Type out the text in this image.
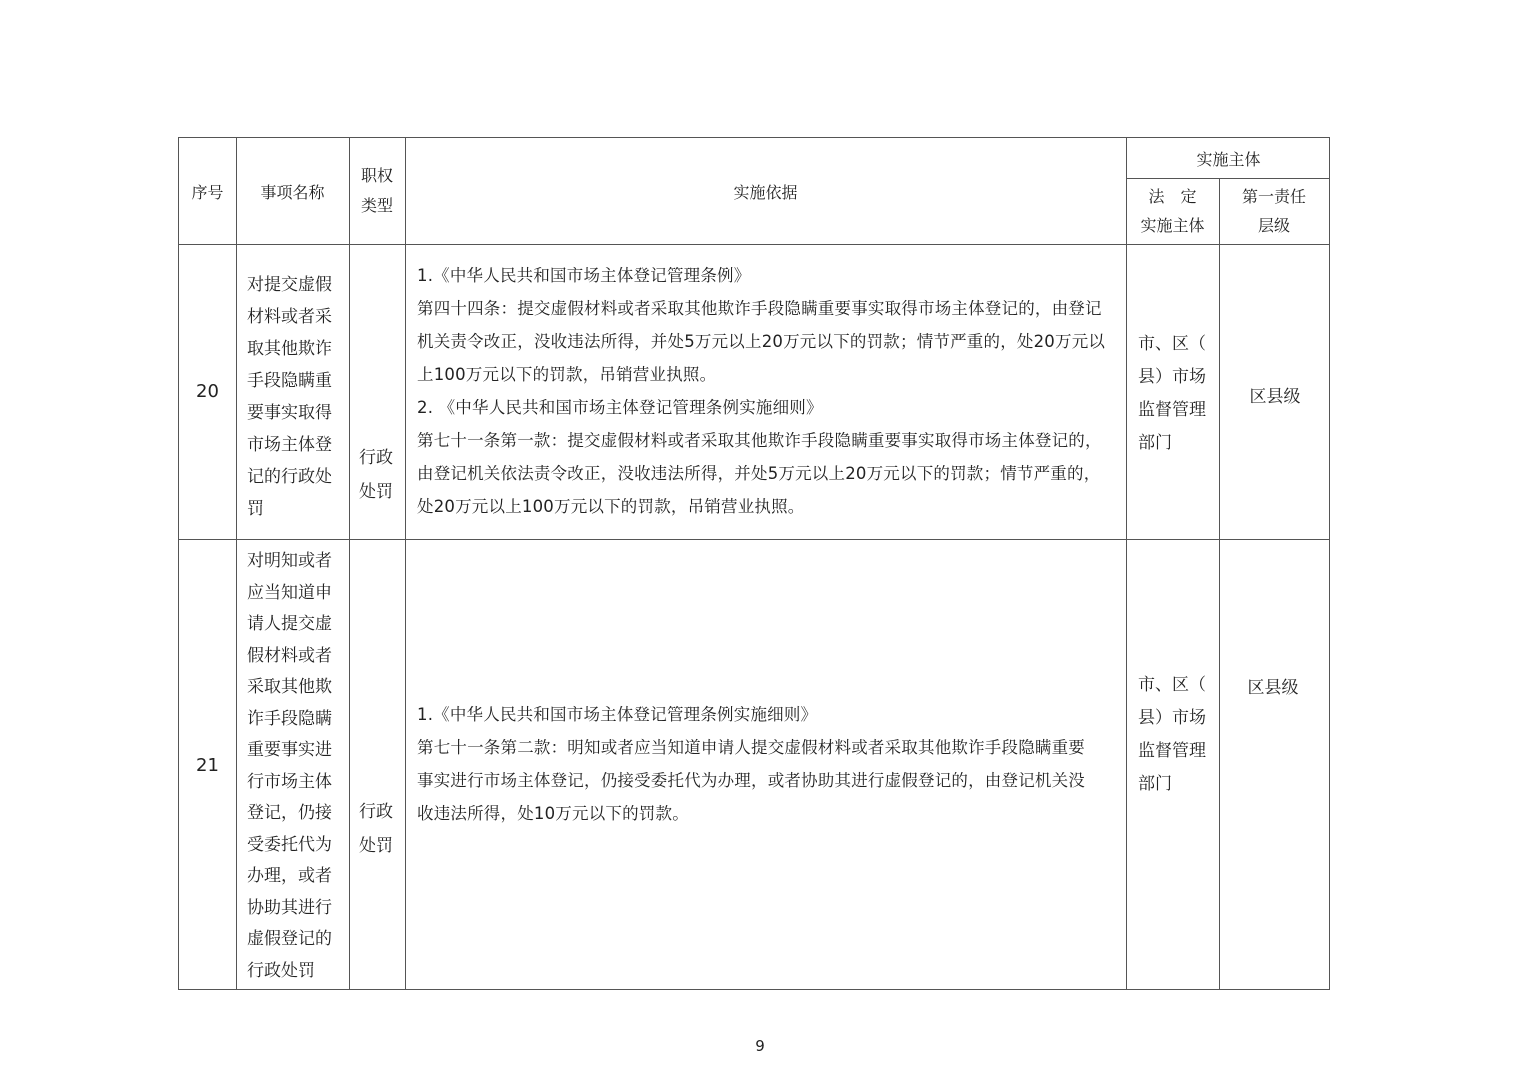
序号 事项名称
职权
类型
实施依据
实施主体
法　定
实施主体
第一责任
层级
20
对提交虚假
材料或者采
取其他欺诈
手段隐瞒重
要事实取得
市场主体登
记的行政处
罚
行政
处罚
1.《中华人民共和国市场主体登记管理条例》
第四十四条：提交虚假材料或者采取其他欺诈手段隐瞒重要事实取得市场主体登记的，由登记
机关责令改正，没收违法所得，并处5万元以上20万元以下的罚款；情节严重的，处20万元以
上100万元以下的罚款，吊销营业执照。
2. 《中华人民共和国市场主体登记管理条例实施细则》
第七十一条第一款：提交虚假材料或者采取其他欺诈手段隐瞒重要事实取得市场主体登记的，
由登记机关依法责令改正，没收违法所得，并处5万元以上20万元以下的罚款；情节严重的，
处20万元以上100万元以下的罚款，吊销营业执照。
市、区（
县）市场
监督管理
部门
区县级
21
对明知或者
应当知道申
请人提交虚
假材料或者
采取其他欺
诈手段隐瞒
重要事实进
行市场主体
登记，仍接
受委托代为
办理，或者
协助其进行
虚假登记的
行政处罚
行政
处罚
1.《中华人民共和国市场主体登记管理条例实施细则》
第七十一条第二款：明知或者应当知道申请人提交虚假材料或者采取其他欺诈手段隐瞒重要
事实进行市场主体登记，仍接受委托代为办理，或者协助其进行虚假登记的，由登记机关没
收违法所得，处10万元以下的罚款。
市、区（
县）市场
监督管理
部门
区县级
9
